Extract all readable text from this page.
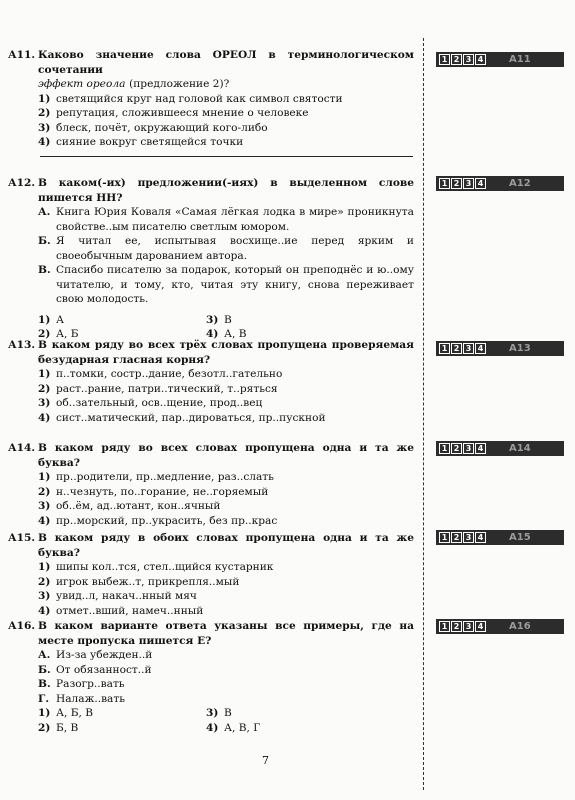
А11. Каково значение слова ОРЕОЛ в терминологическом сочетании
эффект ореола (предложение 2)?
1) светящийся круг над головой как символ святости
2) репутация, сложившееся мнение о человеке
3) блеск, почёт, окружающий кого-либо
4) сияние вокруг светящейся точки
А12. В каком(-их) предложении(-иях) в выделенном слове пишется НН?
А. Книга Юрия Коваля «Самая лёгкая лодка в мире» проникнута свойстве..ым писателю светлым юмором.
Б. Я читал ее, испытывая восхище..ие перед ярким и своеобычным дарованием автора.
В. Спасибо писателю за подарок, который он преподнёс и ю..ому читателю, и тому, кто, читая эту книгу, снова переживает свою молодость.
1) А	3) В
2) А, Б	4) А, В
А13. В каком ряду во всех трёх словах пропущена проверяемая безударная гласная корня?
1) п..томки, состр..дание, безотл..гательно
2) раст..рание, патри..тический, т..ряться
3) об..зательный, осв..щение, прод..вец
4) сист..матический, пар..дироваться, пр..пускной
А14. В каком ряду во всех словах пропущена одна и та же буква?
1) пр..родители, пр..медление, раз..слать
2) н..чезнуть, по..горание, не..горяемый
3) об..ём, ад..ютант, кон..ячный
4) пр..морский, пр..украсить, без пр..крас
А15. В каком ряду в обоих словах пропущена одна и та же буква?
1) шипы кол..тся, стел..щийся кустарник
2) игрок выбеж..т, прикрепля..мый
3) увид..л, накач..нный мяч
4) отмет..вший, намеч..нный
А16. В каком варианте ответа указаны все примеры, где на месте пропуска пишется Е?
А. Из-за убежден..й
Б. От обязанност..й
В. Разогр..вать
Г. Налаж..вать
1) А, Б, В	3) В
2) Б, В	4) А, В, Г
1 2 3 4	А11
1 2 3 4	А12
1 2 3 4	А13
1 2 3 4	А14
1 2 3 4	А15
1 2 3 4	А16
7
